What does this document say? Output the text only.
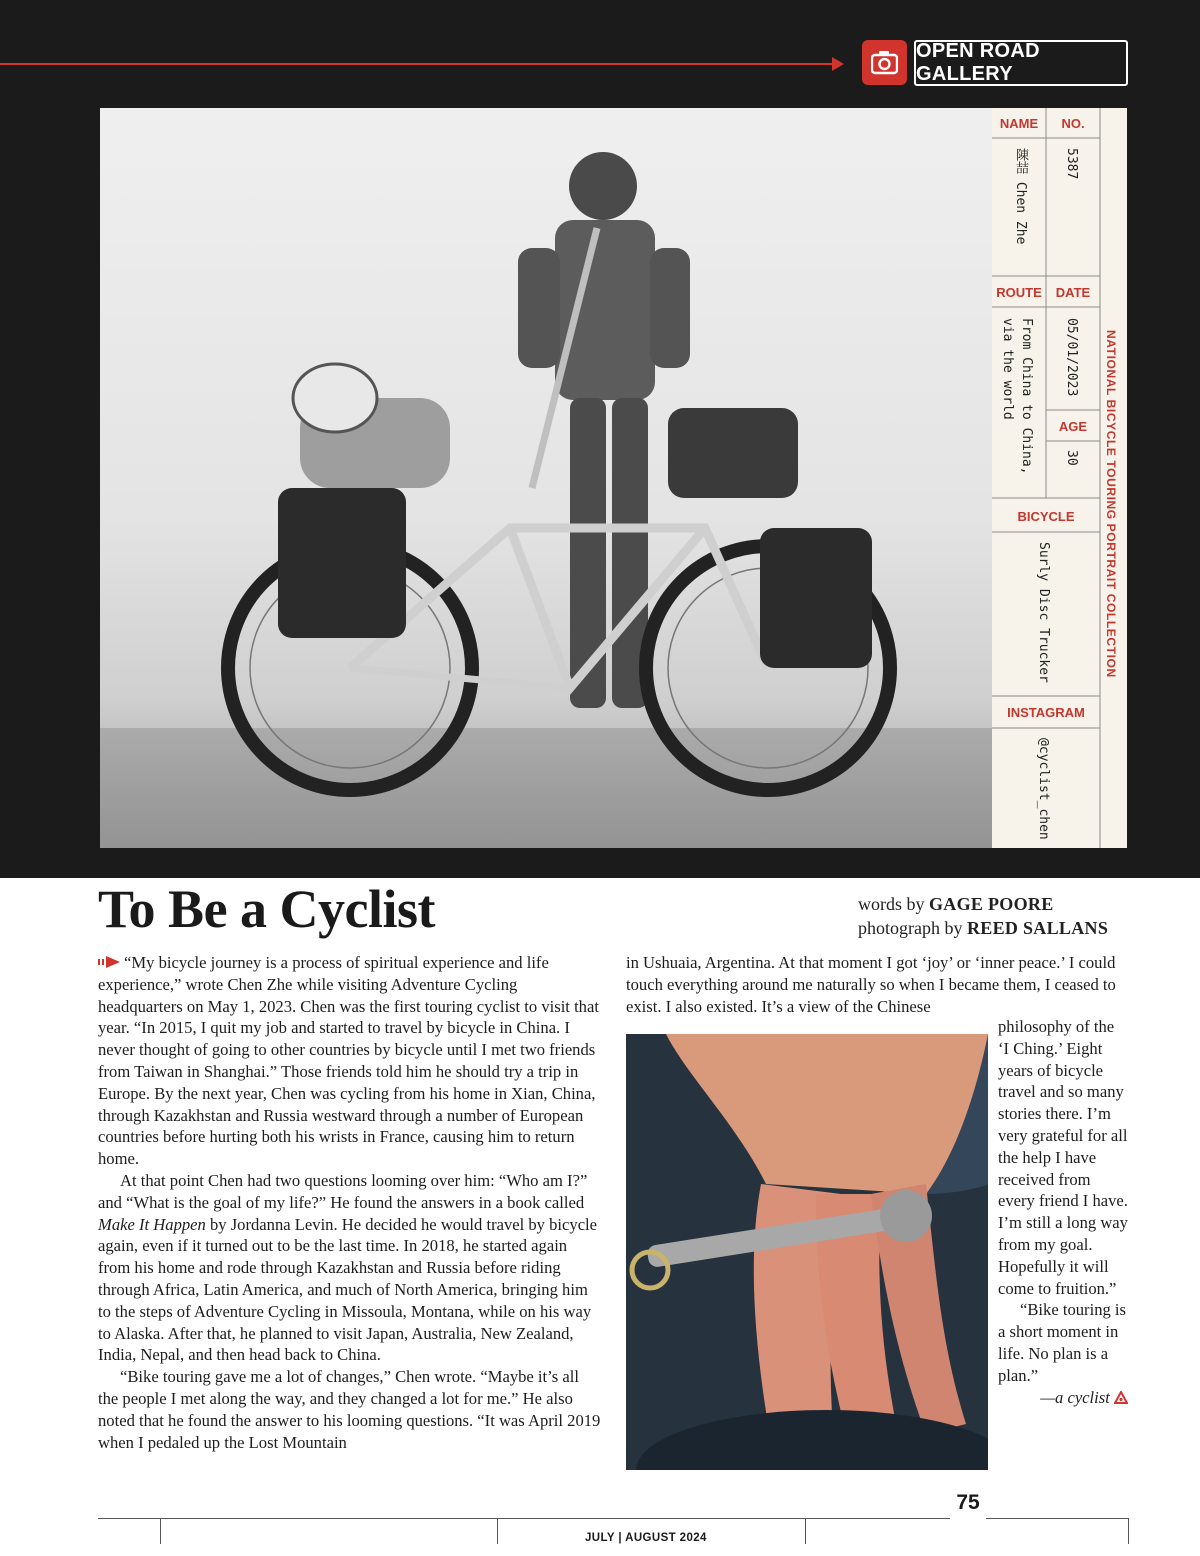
OPEN ROAD GALLERY
NAME	NO.
陳喆 Chen Zhe	5387
ROUTE	DATE
From China to China,
via the world	05/01/2023
AGE
30
BICYCLE
Surly Disc Trucker
INSTAGRAM
@cyclist_chen
NATIONAL BICYCLE TOURING PORTRAIT COLLECTION
To Be a Cyclist	words by GAGE POORE
photograph by REED SALLANS

“My bicycle journey is a process of spiritual experience and life experience,” wrote Chen Zhe while visiting Adventure Cycling headquarters on May 1, 2023. Chen was the first touring cyclist to visit that year. “In 2015, I quit my job and started to travel by bicycle in China. I never thought of going to other countries by bicycle until I met two friends from Taiwan in Shanghai.” Those friends told him he should try a trip in Europe. By the next year, Chen was cycling from his home in Xian, China, through Kazakhstan and Russia westward through a number of European countries before hurting both his wrists in France, causing him to return home.

At that point Chen had two questions looming over him: “Who am I?” and “What is the goal of my life?” He found the answers in a book called Make It Happen by Jordanna Levin. He decided he would travel by bicycle again, even if it turned out to be the last time. In 2018, he started again from his home and rode through Kazakhstan and Russia before riding through Africa, Latin America, and much of North America, bringing him to the steps of Adventure Cycling in Missoula, Montana, while on his way to Alaska. After that, he planned to visit Japan, Australia, New Zealand, India, Nepal, and then head back to China.

“Bike touring gave me a lot of changes,” Chen wrote. “Maybe it’s all the people I met along the way, and they changed a lot for me.” He also noted that he found the answer to his looming questions. “It was April 2019 when I pedaled up the Lost Mountain

in Ushuaia, Argentina. At that moment I got ‘joy’ or ‘inner peace.’ I could touch everything around me naturally so when I became them, I ceased to exist. I also existed. It’s a view of the Chinese

philosophy of the ‘I Ching.’ Eight years of bicycle travel and so many stories there. I’m very grateful for all the help I have received from every friend I have. I’m still a long way from my goal. Hopefully it will come to fruition.”

“Bike touring is a short moment in life. No plan is a plan.”

—a cyclist

75
JULY | AUGUST 2024
